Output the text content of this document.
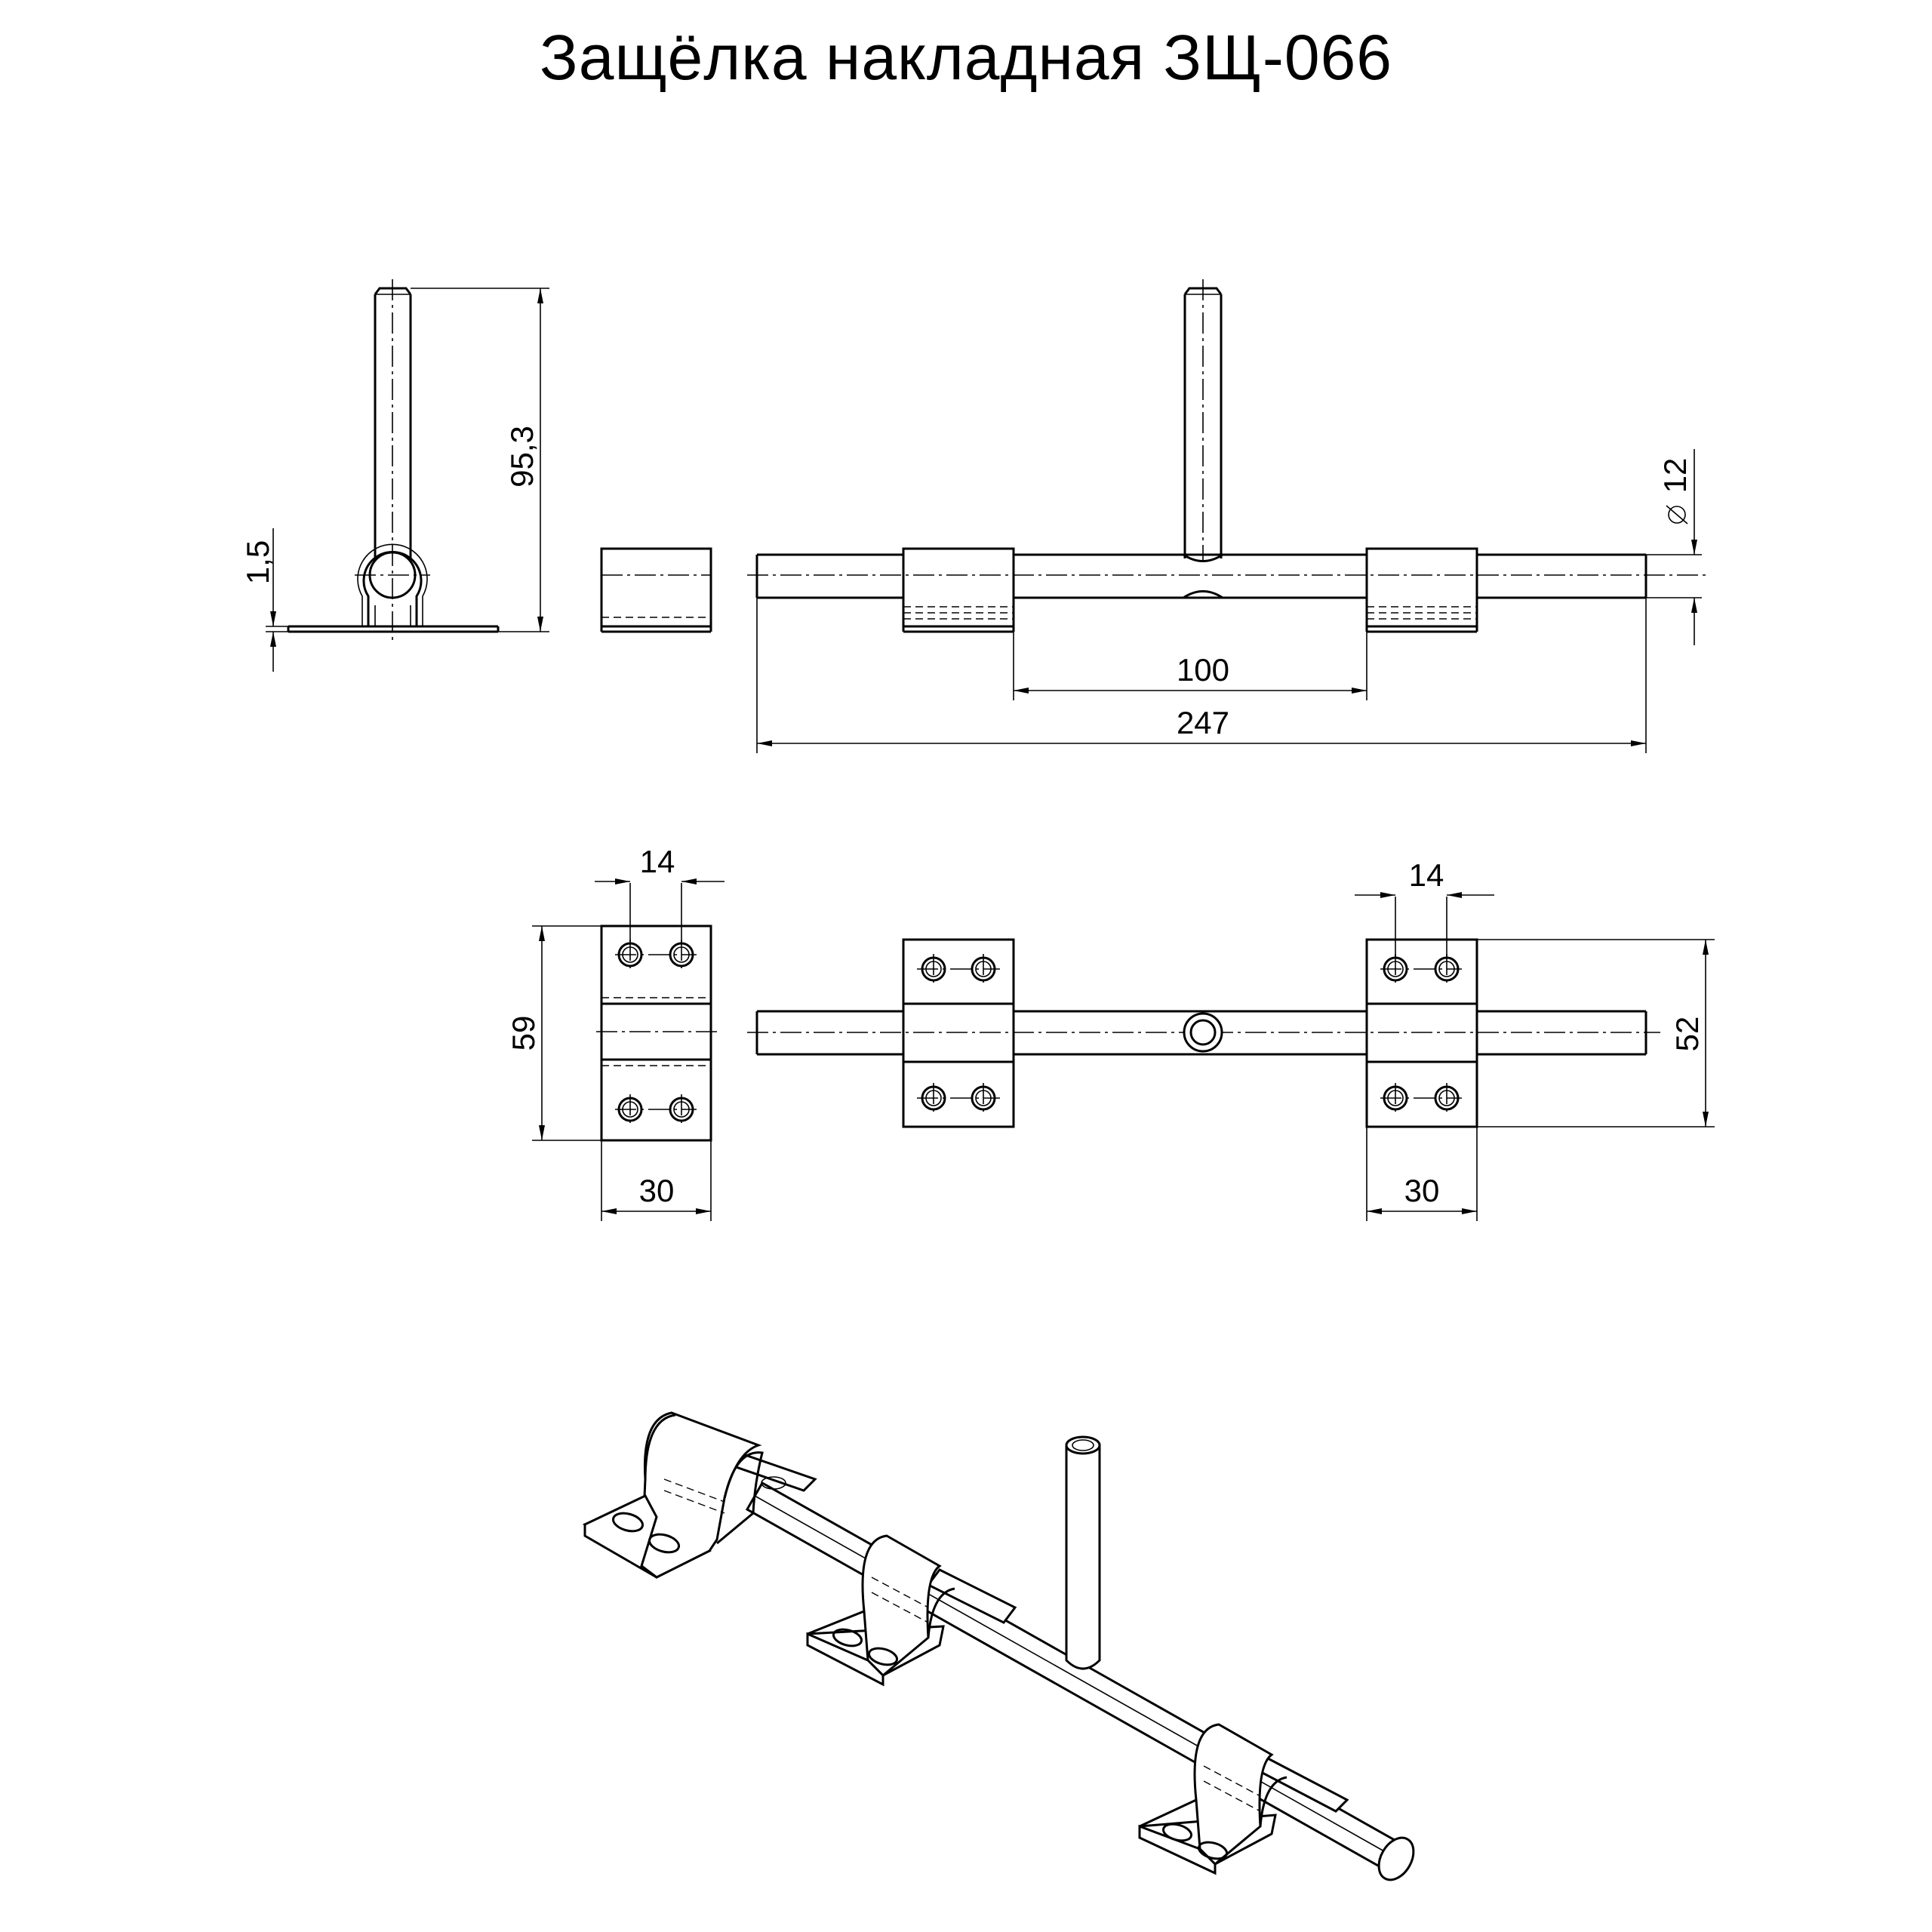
Защёлка накладная ЗЩ-066
1,5
95,3	12
100
247
14
59
30
14
52
30
